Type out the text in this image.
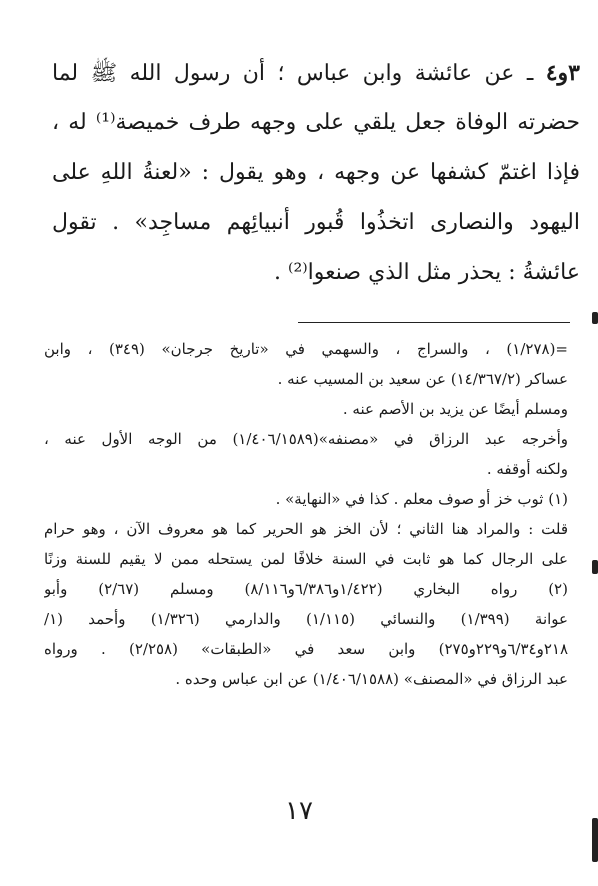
٣و٤ ـ عن عائشة وابن عباس ؛ أن رسول الله ﷺ لما
حضرته الوفاة جعل يلقي على وجهه طرف خميصة⁽¹⁾ له ،
فإذا اغتمّ كشفها عن وجهه ، وهو يقول : «لعنةُ اللهِ على
اليهود والنصارى اتخذُوا قُبور أنبيائِهم مساجِد» . تقول
عائشةُ : يحذر مثل الذي صنعوا⁽²⁾ .
=(١/٢٧٨) ، والسراج ، والسهمي في «تاريخ جرجان» (٣٤٩) ، وابن
عساكر (١٤/٣٦٧/٢) عن سعيد بن المسيب عنه .
ومسلم أيضًا عن يزيد بن الأصم عنه .
وأخرجه عبد الرزاق في «مصنفه»(١/٤٠٦/١٥٨٩) من الوجه الأول عنه ،
ولكنه أوقفه .
(١) ثوب خز أو صوف معلم . كذا في «النهاية» .
قلت : والمراد هنا الثاني ؛ لأن الخز هو الحرير كما هو معروف الآن ، وهو حرام
على الرجال كما هو ثابت في السنة خلافًا لمن يستحله ممن لا يقيم للسنة وزنًا
(٢) رواه البخاري (١/٤٢٢و٦/٣٨٦و٨/١١٦) ومسلم (٢/٦٧) وأبو
عوانة (١/٣٩٩) والنسائي (١/١١٥) والدارمي (١/٣٢٦) وأحمد (١/
٢١٨و٦/٣٤و٢٢٩و٢٧٥) وابن سعد في «الطبقات» (٢/٢٥٨) . ورواه
عبد الرزاق في «المصنف» (١/٤٠٦/١٥٨٨) عن ابن عباس وحده .
١٧
